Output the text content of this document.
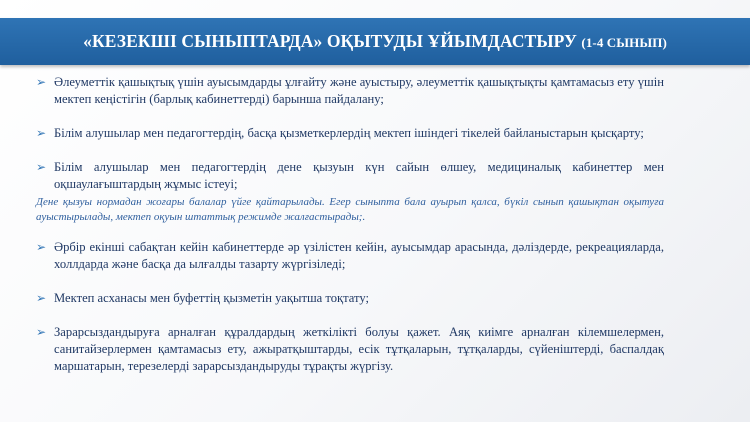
«КЕЗЕКШІ СЫНЫПТАРДА» ОҚЫТУДЫ ҰЙЫМДАСТЫРУ (1-4 СЫНЫП)
➢ Әлеуметтік қашықтық үшін ауысымдарды ұлғайту және ауыстыру, әлеуметтік қашықтықты қамтамасыз ету үшін мектеп кеңістігін (барлық кабинеттерді) барынша пайдалану;
➢ Білім алушылар мен педагогтердің, басқа қызметкерлердің мектеп ішіндегі тікелей байланыстарын қысқарту;
➢ Білім алушылар мен педагогтердің дене қызуын күн сайын өлшеу, медициналық кабинеттер мен оқшаулағыштардың жұмыс істеуі;
Дене қызуы нормадан жоғары балалар үйге қайтарылады. Егер сыныпта бала ауырып қалса, бүкіл сынып қашықтан оқытуға ауыстырылады, мектеп оқуын штаттық режимде жалғастырады;.
➢ Әрбір екінші сабақтан кейін кабинеттерде әр үзілістен кейін, ауысымдар арасында, дәліздерде, рекреацияларда, холлдарда және басқа да ылғалды тазарту жүргізіледі;
➢ Мектеп асханасы мен буфеттің қызметін уақытша тоқтату;
➢ Зарарсыздандыруға арналған құралдардың жеткілікті болуы қажет. Аяқ киімге арналған кілемшелермен, санитайзерлермен қамтамасыз ету, ажыратқыштарды, есік тұтқаларын, тұтқаларды, сүйеніштерді, баспалдақ маршатарын, терезелерді зарарсыздандыруды тұрақты жүргізу.
